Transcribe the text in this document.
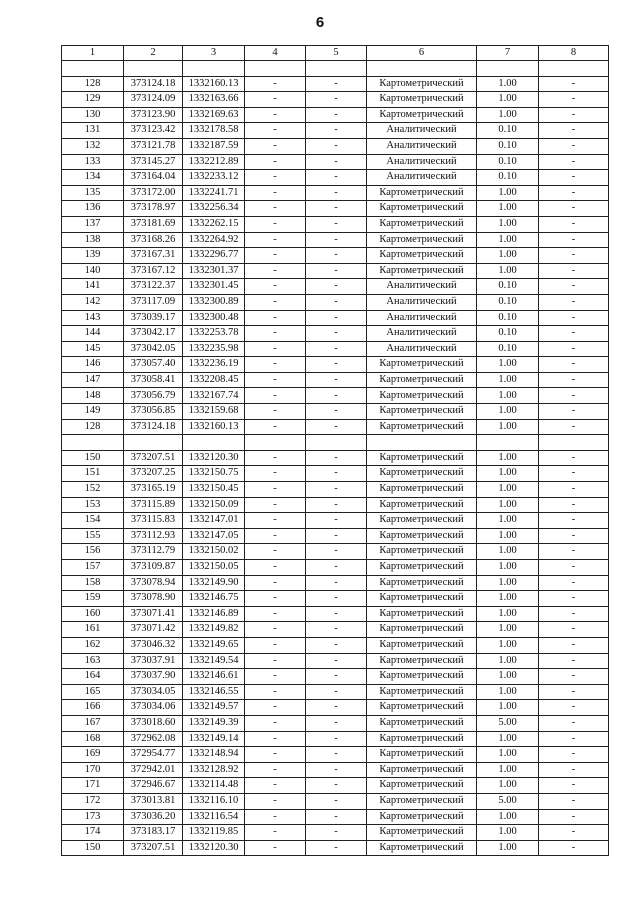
6
1	2	3	4	5	6	7	8

128	373124.18	1332160.13	-	-	Картометрический	1.00	-
129	373124.09	1332163.66	-	-	Картометрический	1.00	-
130	373123.90	1332169.63	-	-	Картометрический	1.00	-
131	373123.42	1332178.58	-	-	Аналитический	0.10	-
132	373121.78	1332187.59	-	-	Аналитический	0.10	-
133	373145.27	1332212.89	-	-	Аналитический	0.10	-
134	373164.04	1332233.12	-	-	Аналитический	0.10	-
135	373172.00	1332241.71	-	-	Картометрический	1.00	-
136	373178.97	1332256.34	-	-	Картометрический	1.00	-
137	373181.69	1332262.15	-	-	Картометрический	1.00	-
138	373168.26	1332264.92	-	-	Картометрический	1.00	-
139	373167.31	1332296.77	-	-	Картометрический	1.00	-
140	373167.12	1332301.37	-	-	Картометрический	1.00	-
141	373122.37	1332301.45	-	-	Аналитический	0.10	-
142	373117.09	1332300.89	-	-	Аналитический	0.10	-
143	373039.17	1332300.48	-	-	Аналитический	0.10	-
144	373042.17	1332253.78	-	-	Аналитический	0.10	-
145	373042.05	1332235.98	-	-	Аналитический	0.10	-
146	373057.40	1332236.19	-	-	Картометрический	1.00	-
147	373058.41	1332208.45	-	-	Картометрический	1.00	-
148	373056.79	1332167.74	-	-	Картометрический	1.00	-
149	373056.85	1332159.68	-	-	Картометрический	1.00	-
128	373124.18	1332160.13	-	-	Картометрический	1.00	-

150	373207.51	1332120.30	-	-	Картометрический	1.00	-
151	373207.25	1332150.75	-	-	Картометрический	1.00	-
152	373165.19	1332150.45	-	-	Картометрический	1.00	-
153	373115.89	1332150.09	-	-	Картометрический	1.00	-
154	373115.83	1332147.01	-	-	Картометрический	1.00	-
155	373112.93	1332147.05	-	-	Картометрический	1.00	-
156	373112.79	1332150.02	-	-	Картометрический	1.00	-
157	373109.87	1332150.05	-	-	Картометрический	1.00	-
158	373078.94	1332149.90	-	-	Картометрический	1.00	-
159	373078.90	1332146.75	-	-	Картометрический	1.00	-
160	373071.41	1332146.89	-	-	Картометрический	1.00	-
161	373071.42	1332149.82	-	-	Картометрический	1.00	-
162	373046.32	1332149.65	-	-	Картометрический	1.00	-
163	373037.91	1332149.54	-	-	Картометрический	1.00	-
164	373037.90	1332146.61	-	-	Картометрический	1.00	-
165	373034.05	1332146.55	-	-	Картометрический	1.00	-
166	373034.06	1332149.57	-	-	Картометрический	1.00	-
167	373018.60	1332149.39	-	-	Картометрический	5.00	-
168	372962.08	1332149.14	-	-	Картометрический	1.00	-
169	372954.77	1332148.94	-	-	Картометрический	1.00	-
170	372942.01	1332128.92	-	-	Картометрический	1.00	-
171	372946.67	1332114.48	-	-	Картометрический	1.00	-
172	373013.81	1332116.10	-	-	Картометрический	5.00	-
173	373036.20	1332116.54	-	-	Картометрический	1.00	-
174	373183.17	1332119.85	-	-	Картометрический	1.00	-
150	373207.51	1332120.30	-	-	Картометрический	1.00	-
